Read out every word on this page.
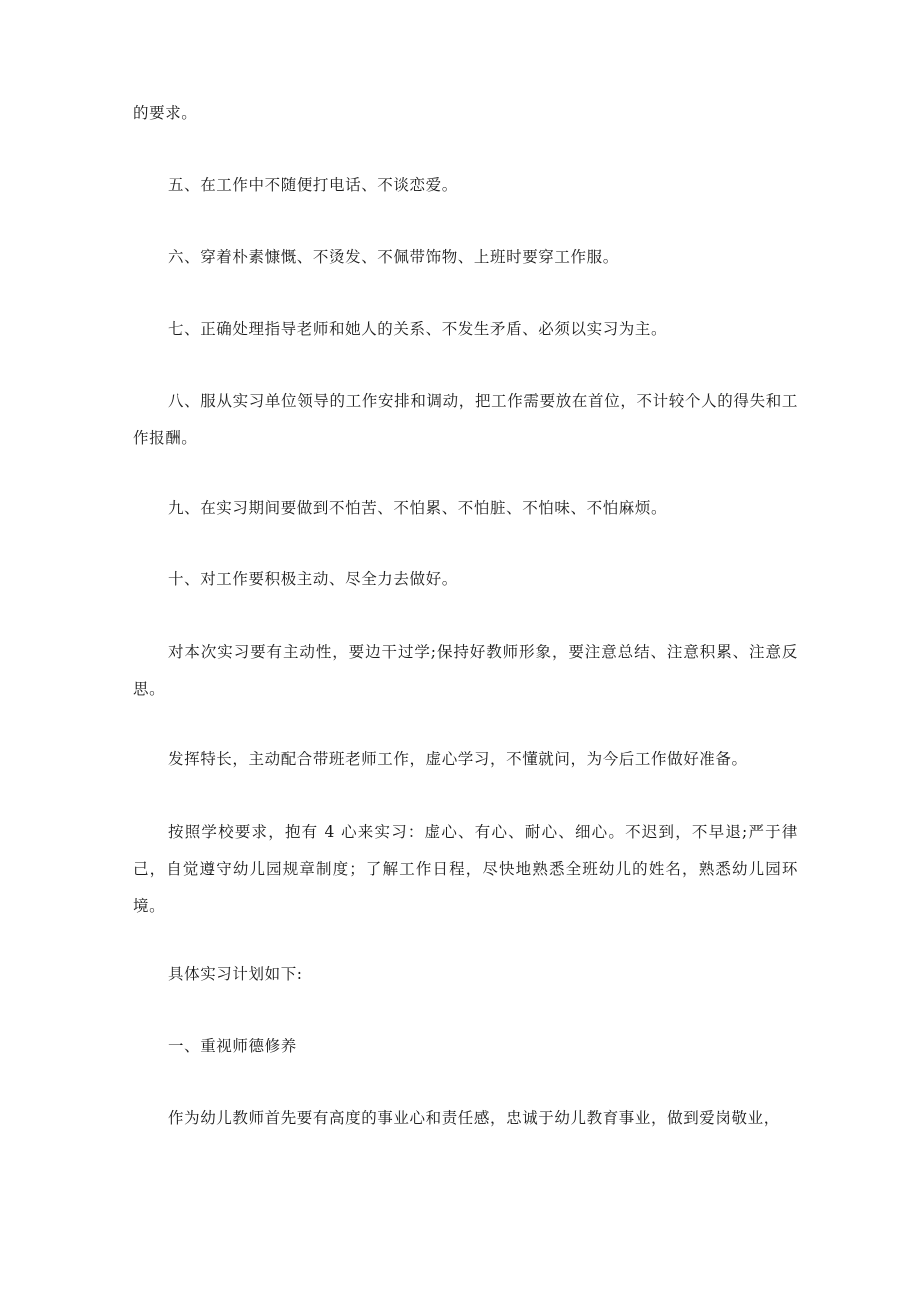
的要求。

五、在工作中不随便打电话、不谈恋爱。

六、穿着朴素慷慨、不烫发、不佩带饰物、上班时要穿工作服。

七、正确处理指导老师和她人的关系、不发生矛盾、必须以实习为主。

八、服从实习单位领导的工作安排和调动，把工作需要放在首位，不计较个人的得失和工作报酬。

九、在实习期间要做到不怕苦、不怕累、不怕脏、不怕味、不怕麻烦。

十、对工作要积极主动、尽全力去做好。

对本次实习要有主动性，要边干过学;保持好教师形象，要注意总结、注意积累、注意反思。

发挥特长，主动配合带班老师工作，虚心学习，不懂就问，为今后工作做好准备。

按照学校要求，抱有 4 心来实习：虚心、有心、耐心、细心。不迟到，不早退;严于律己，自觉遵守幼儿园规章制度；了解工作日程，尽快地熟悉全班幼儿的姓名，熟悉幼儿园环境。

具体实习计划如下:

一、重视师德修养

作为幼儿教师首先要有高度的事业心和责任感，忠诚于幼儿教育事业，做到爱岗敬业，
